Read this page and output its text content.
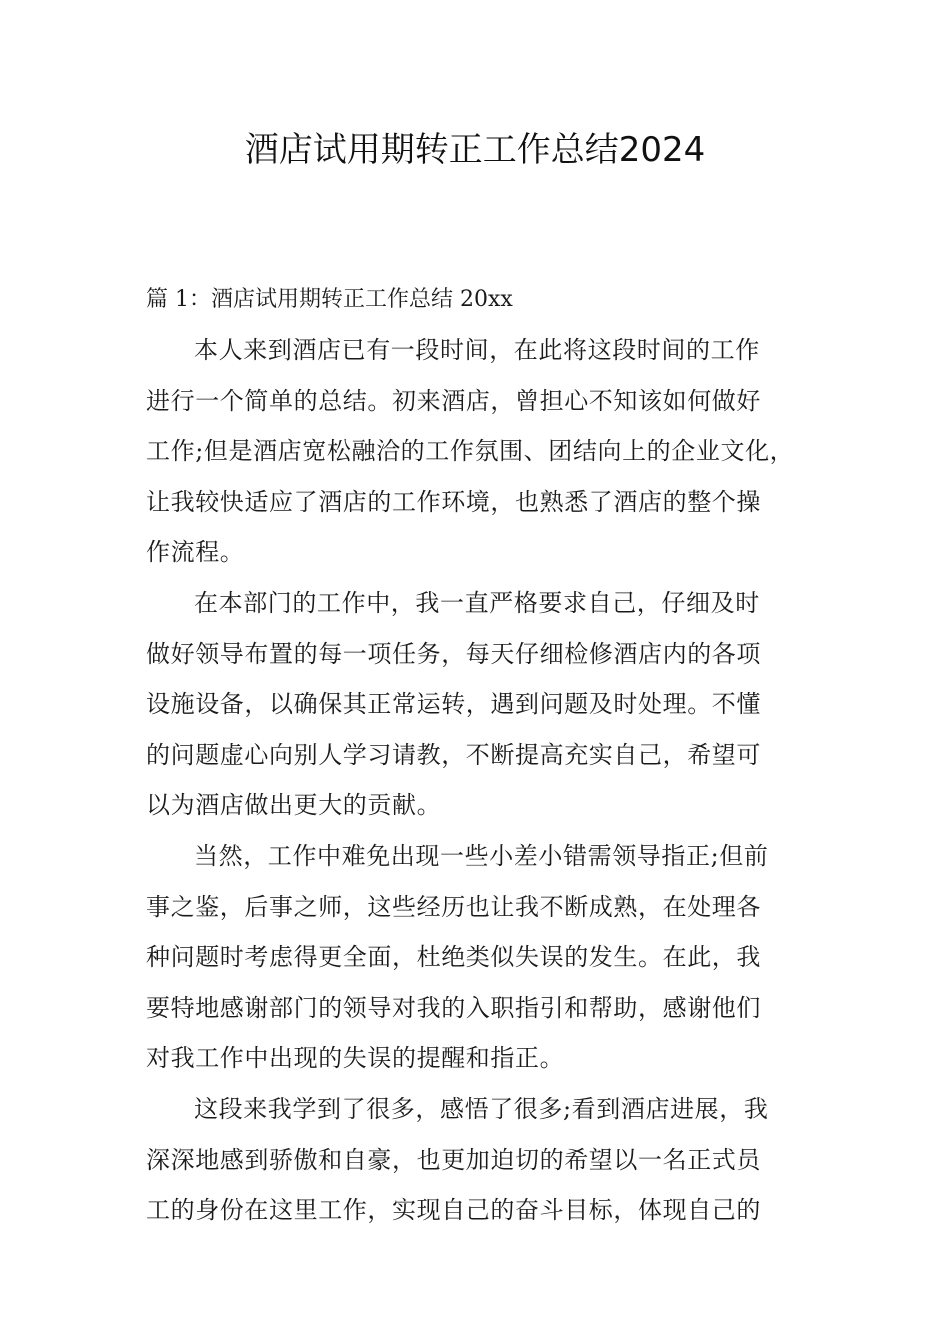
酒店试用期转正工作总结2024
篇 1：酒店试用期转正工作总结 20xx

本人来到酒店已有一段时间，在此将这段时间的工作
进行一个简单的总结。初来酒店，曾担心不知该如何做好
工作;但是酒店宽松融洽的工作氛围、团结向上的企业文化，
让我较快适应了酒店的工作环境，也熟悉了酒店的整个操
作流程。

在本部门的工作中，我一直严格要求自己，仔细及时
做好领导布置的每一项任务，每天仔细检修酒店内的各项
设施设备，以确保其正常运转，遇到问题及时处理。不懂
的问题虚心向别人学习请教，不断提高充实自己，希望可
以为酒店做出更大的贡献。

当然，工作中难免出现一些小差小错需领导指正;但前
事之鉴，后事之师，这些经历也让我不断成熟，在处理各
种问题时考虑得更全面，杜绝类似失误的发生。在此，我
要特地感谢部门的领导对我的入职指引和帮助，感谢他们
对我工作中出现的失误的提醒和指正。

这段来我学到了很多，感悟了很多;看到酒店进展，我
深深地感到骄傲和自豪，也更加迫切的希望以一名正式员
工的身份在这里工作，实现自己的奋斗目标，体现自己的
